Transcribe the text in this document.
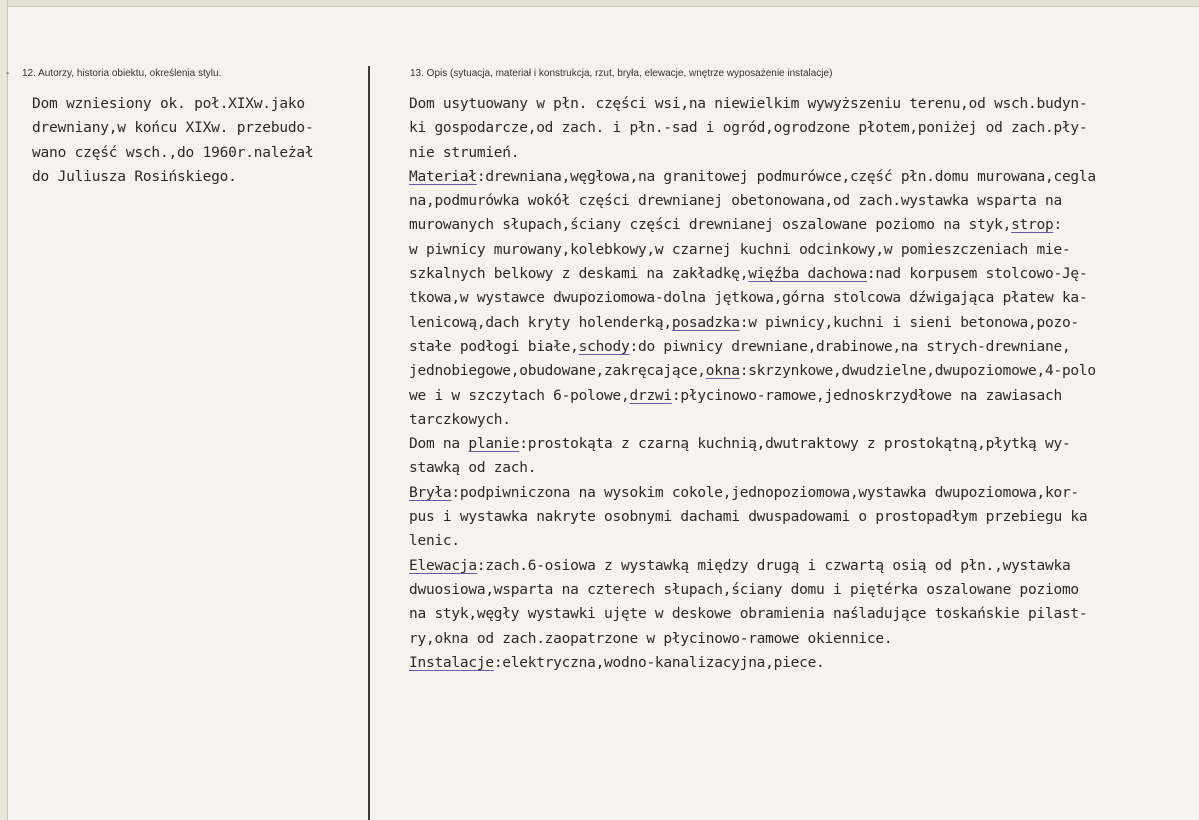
- 12. Autorzy, historia obiektu, określenia stylu.	13. Opis (sytuacja, materiał i konstrukcja, rzut, bryła, elewacje, wnętrze wyposażenie instalacje)
Dom wzniesiony ok. poł.XIXw.jako
drewniany,w końcu XIXw. przebudo-
wano część wsch.,do 1960r.należał
do Juliusza Rosińskiego.
Dom usytuowany w płn. części wsi,na niewielkim wywyższeniu terenu,od wsch.budyn-
ki gospodarcze,od zach. i płn.-sad i ogród,ogrodzone płotem,poniżej od zach.pły-
nie strumień.
Materiał:drewniana,węgłowa,na granitowej podmurówce,część płn.domu murowana,cegla
na,podmurówka wokół części drewnianej obetonowana,od zach.wystawka wsparta na
murowanych słupach,ściany części drewnianej oszalowane poziomo na styk,strop:
w piwnicy murowany,kolebkowy,w czarnej kuchni odcinkowy,w pomieszczeniach mie-
szkalnych belkowy z deskami na zakładkę,więźba dachowa:nad korpusem stolcowo-Ję-
tkowa,w wystawce dwupoziomowa-dolna jętkowa,górna stolcowa dźwigająca płatew ka-
lenicową,dach kryty holenderką,posadzka:w piwnicy,kuchni i sieni betonowa,pozo-
stałe podłogi białe,schody:do piwnicy drewniane,drabinowe,na strych-drewniane,
jednobiegowe,obudowane,zakręcające,okna:skrzynkowe,dwudzielne,dwupoziomowe,4-polo
we i w szczytach 6-polowe,drzwi:płycinowo-ramowe,jednoskrzydłowe na zawiasach
tarczkowych.
Dom na planie:prostokąta z czarną kuchnią,dwutraktowy z prostokątną,płytką wy-
stawką od zach.
Bryła:podpiwniczona na wysokim cokole,jednopoziomowa,wystawka dwupoziomowa,kor-
pus i wystawka nakryte osobnymi dachami dwuspadowami o prostopadłym przebiegu ka
lenic.
Elewacja:zach.6-osiowa z wystawką między drugą i czwartą osią od płn.,wystawka
dwuosiowa,wsparta na czterech słupach,ściany domu i piętérka oszalowane poziomo
na styk,węgły wystawki ujęte w deskowe obramienia naśladujące toskańskie pilast-
ry,okna od zach.zaopatrzone w płycinowo-ramowe okiennice.
Instalacje:elektryczna,wodno-kanalizacyjna,piece.
